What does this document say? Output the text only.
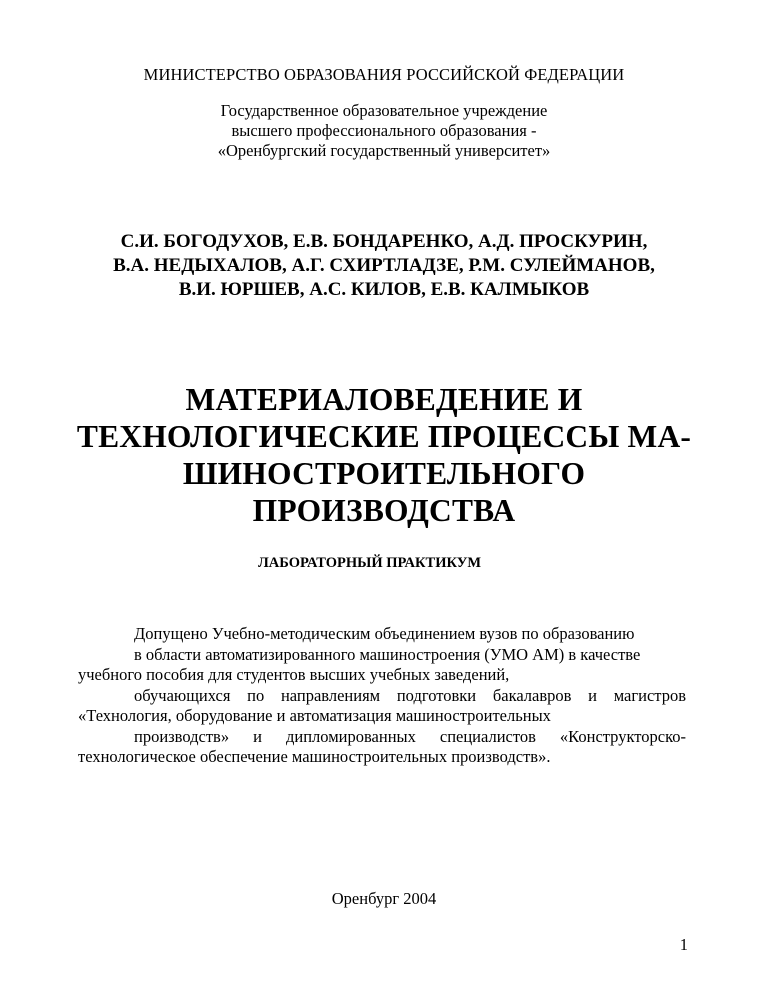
МИНИСТЕРСТВО ОБРАЗОВАНИЯ РОССИЙСКОЙ ФЕДЕРАЦИИ
Государственное образовательное учреждение
высшего профессионального образования -
«Оренбургский государственный университет»
С.И. БОГОДУХОВ, Е.В. БОНДАРЕНКО, А.Д. ПРОСКУРИН,
В.А. НЕДЫХАЛОВ, А.Г. СХИРТЛАДЗЕ, Р.М. СУЛЕЙМАНОВ,
В.И. ЮРШЕВ, А.С. КИЛОВ, Е.В. КАЛМЫКОВ
МАТЕРИАЛОВЕДЕНИЕ И
ТЕХНОЛОГИЧЕСКИЕ ПРОЦЕССЫ МА-
ШИНОСТРОИТЕЛЬНОГО
ПРОИЗВОДСТВА
ЛАБОРАТОРНЫЙ ПРАКТИКУМ
Допущено Учебно-методическим объединением вузов по образованию
в области автоматизированного машиностроения (УМО АМ) в качестве
учебного пособия для студентов высших учебных заведений,
обучающихся по направлениям подготовки бакалавров и магистров
«Технология, оборудование и автоматизация машиностроительных
производств» и дипломированных специалистов «Конструкторско-
технологическое обеспечение машиностроительных производств».
Оренбург 2004
1
